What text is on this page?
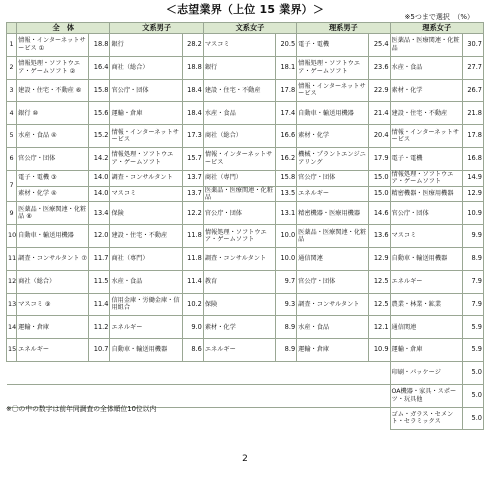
＜志望業界（上位 15 業界）＞
※5つまで選択　（%）
	全　体		文系男子		文系女子		理系男子		理系女子	
1	情報・インターネットサービス ①	18.8	銀行	28.2	マスコミ	20.5	電子・電機	25.4	医薬品・医療関連・化粧品	30.7
2	情報処理・ソフトウエア・ゲームソフト ②	16.4	商社（総合）	18.8	銀行	18.1	情報処理・ソフトウエア・ゲームソフト	23.6	水産・食品	27.7
3	建設・住宅・不動産 ⑥	15.8	官公庁・団体	18.4	建設・住宅・不動産	17.8	情報・インターネットサービス	22.9	素材・化学	26.7
4	銀行 ⑩	15.6	運輸・倉庫	18.4	水産・食品	17.4	自動車・輸送用機器	21.4	建設・住宅・不動産	21.8
5	水産・食品 ④	15.2	情報・インターネットサービス	17.3	商社（総合）	16.6	素材・化学	20.4	情報・インターネットサービス	17.8
6	官公庁・団体	14.2	情報処理・ソフトウエア・ゲームソフト	15.7	情報・インターネットサービス	16.2	機械・プラントエンジニアリング	17.9	電子・電機	16.8
7	電子・電機 ③	14.0	調査・コンサルタント	13.7	商社（専門）	15.8	官公庁・団体	15.0	情報処理・ソフトウエア・ゲームソフト	14.9
	素材・化学 ④	14.0	マスコミ	13.7	医薬品・医療関連・化粧品	13.5	エネルギー	15.0	精密機器・医療用機器	12.9
9	医薬品・医療関連・化粧品 ⑧	13.4	保険	12.2	官公庁・団体	13.1	精密機器・医療用機器	14.6	官公庁・団体	10.9
10	自動車・輸送用機器	12.0	建設・住宅・不動産	11.8	情報処理・ソフトウエア・ゲームソフト	10.0	医薬品・医療関連・化粧品	13.6	マスコミ	9.9
11	調査・コンサルタント ⑦	11.7	商社（専門）	11.8	調査・コンサルタント	10.0	通信関連	12.9	自動車・輸送用機器	8.9
12	商社（総合）	11.5	水産・食品	11.4	教育	9.7	官公庁・団体	12.5	エネルギー	7.9
13	マスコミ ⑨	11.4	信用金庫・労働金庫・信用組合	10.2	保険	9.3	調査・コンサルタント	12.5	農業・林業・鉱業	7.9
14	運輸・倉庫	11.2	エネルギー	9.0	素材・化学	8.9	水産・食品	12.1	通信関連	5.9
15	エネルギー	10.7	自動車・輸送用機器	8.6	エネルギー	8.9	運輸・倉庫	10.9	運輸・倉庫	5.9
									印刷・パッケージ	5.0
									OA機器・家具・スポーツ・玩具他	5.0
									ゴム・ガラス・セメント・セラミックス	5.0
※〇の中の数字は前年同調査の全体順位10位以内
2
